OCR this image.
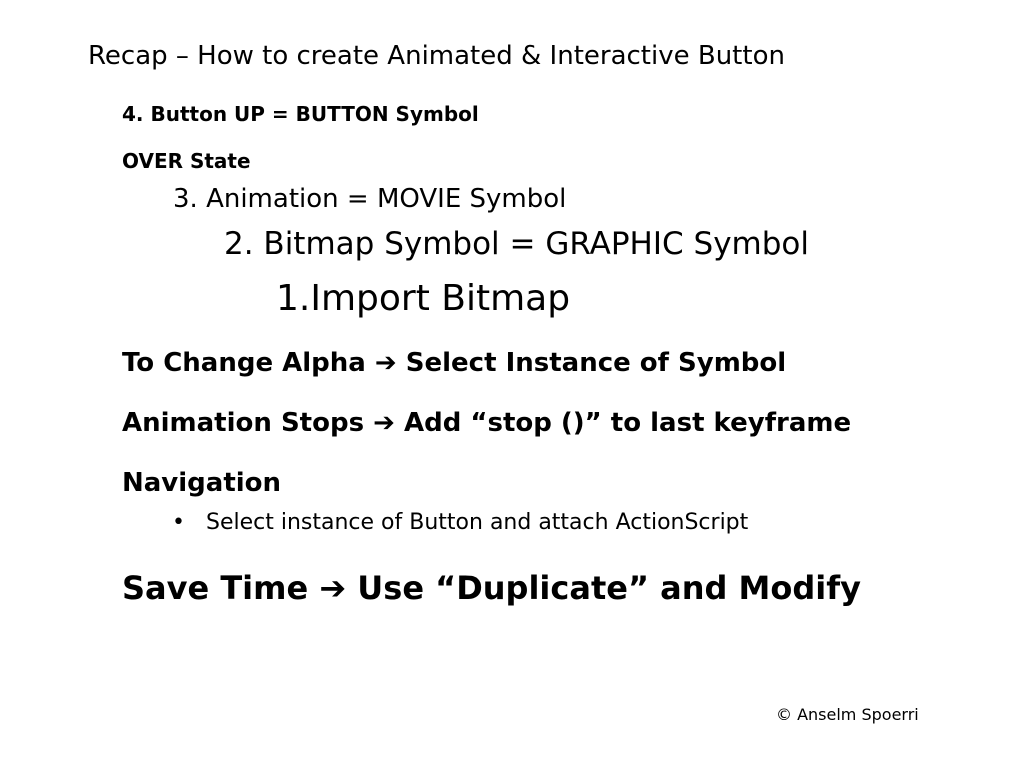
Recap – How to create Animated & Interactive Button
4. Button UP = BUTTON Symbol
OVER State
3. Animation = MOVIE Symbol
2. Bitmap Symbol = GRAPHIC Symbol
1.Import Bitmap
To Change Alpha ➔ Select Instance of Symbol
Animation Stops ➔ Add “stop ()” to last keyframe
Navigation
• Select instance of Button and attach ActionScript
Save Time ➔ Use “Duplicate” and Modify
© Anselm Spoerri
